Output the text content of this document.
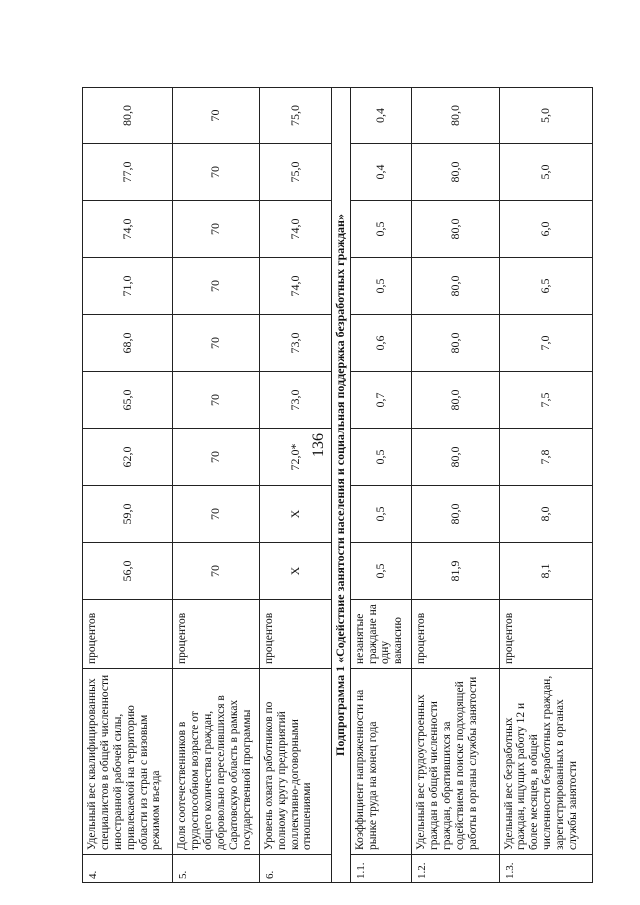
136
4.	Удельный вес квалифицированных специалистов в общей численности иностранной рабочей силы, привлекаемой на территорию области из стран с визовым режимом въезда	процентов	56,0	59,0	62,0	65,0	68,0	71,0	74,0	77,0	80,0
5.	Доля соотечественников в трудоспособном возрасте от общего количества граждан, добровольно переселившихся в Саратовскую область в рамках государственной программы	процентов	70	70	70	70	70	70	70	70	70
6.	Уровень охвата работников по полному кругу предприятий коллективно-договорными отношениями	процентов	X	X	72,0*	73,0	73,0	74,0	74,0	75,0	75,0
Подпрограмма 1 «Содействие занятости населения и социальная поддержка безработных граждан»											
1.1.	Коэффициент напряженности на рынке труда на конец года	незанятые граждане на одну вакансию	0,5	0,5	0,5	0,7	0,6	0,5	0,5	0,4	0,4
1.2.	Удельный вес трудоустроенных граждан в общей численности граждан, обратившихся за содействием в поиске подходящей работы в органы службы занятости	процентов	81,9	80,0	80,0	80,0	80,0	80,0	80,0	80,0	80,0
1.3.	Удельный вес безработных граждан, ищущих работу 12 и более месяцев, в общей численности безработных граждан, зарегистрированных в органах службы занятости	процентов	8,1	8,0	7,8	7,5	7,0	6,5	6,0	5,0	5,0
